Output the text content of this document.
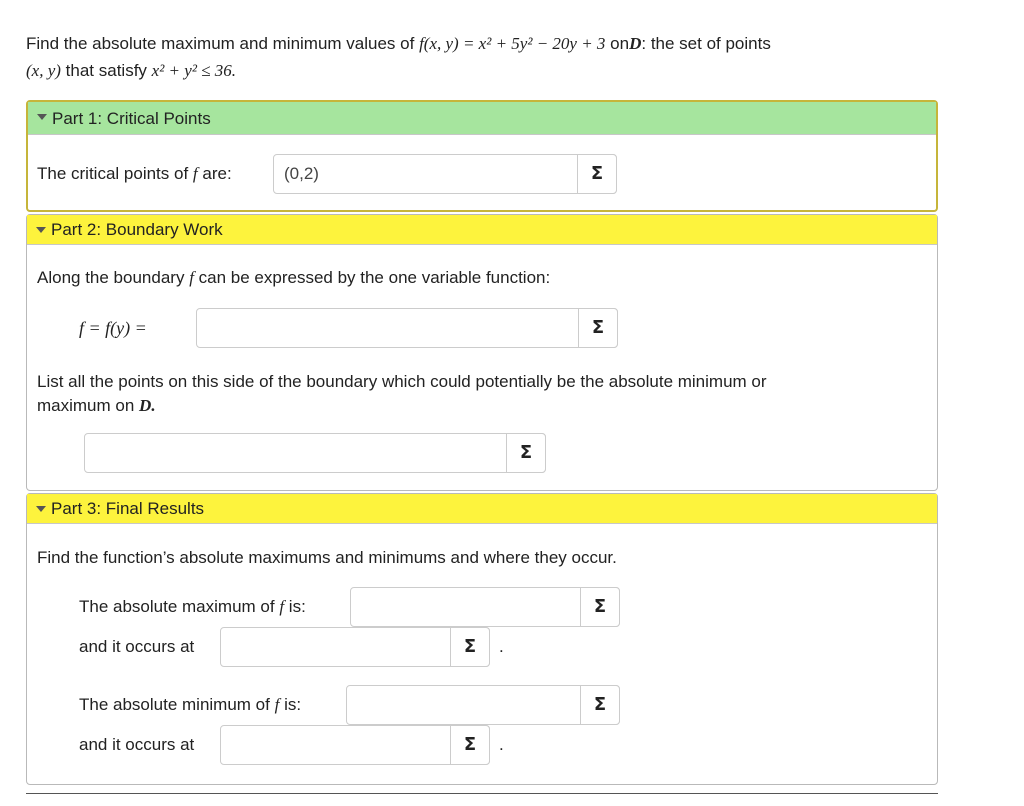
Find the absolute maximum and minimum values of f(x, y) = x² + 5y² − 20y + 3 onD: the set of points
(x, y) that satisfy x² + y² ≤ 36.
Part 1: Critical Points
The critical points of f are:
(0,2)	Σ
Part 2: Boundary Work
Along the boundary f can be expressed by the one variable function:
f = f(y) =	Σ
List all the points on this side of the boundary which could potentially be the absolute minimum or
maximum on D.
Σ
Part 3: Final Results
Find the function’s absolute maximums and minimums and where they occur.
The absolute maximum of f is:	Σ
and it occurs at	Σ	.
The absolute minimum of f is:	Σ
and it occurs at	Σ	.
